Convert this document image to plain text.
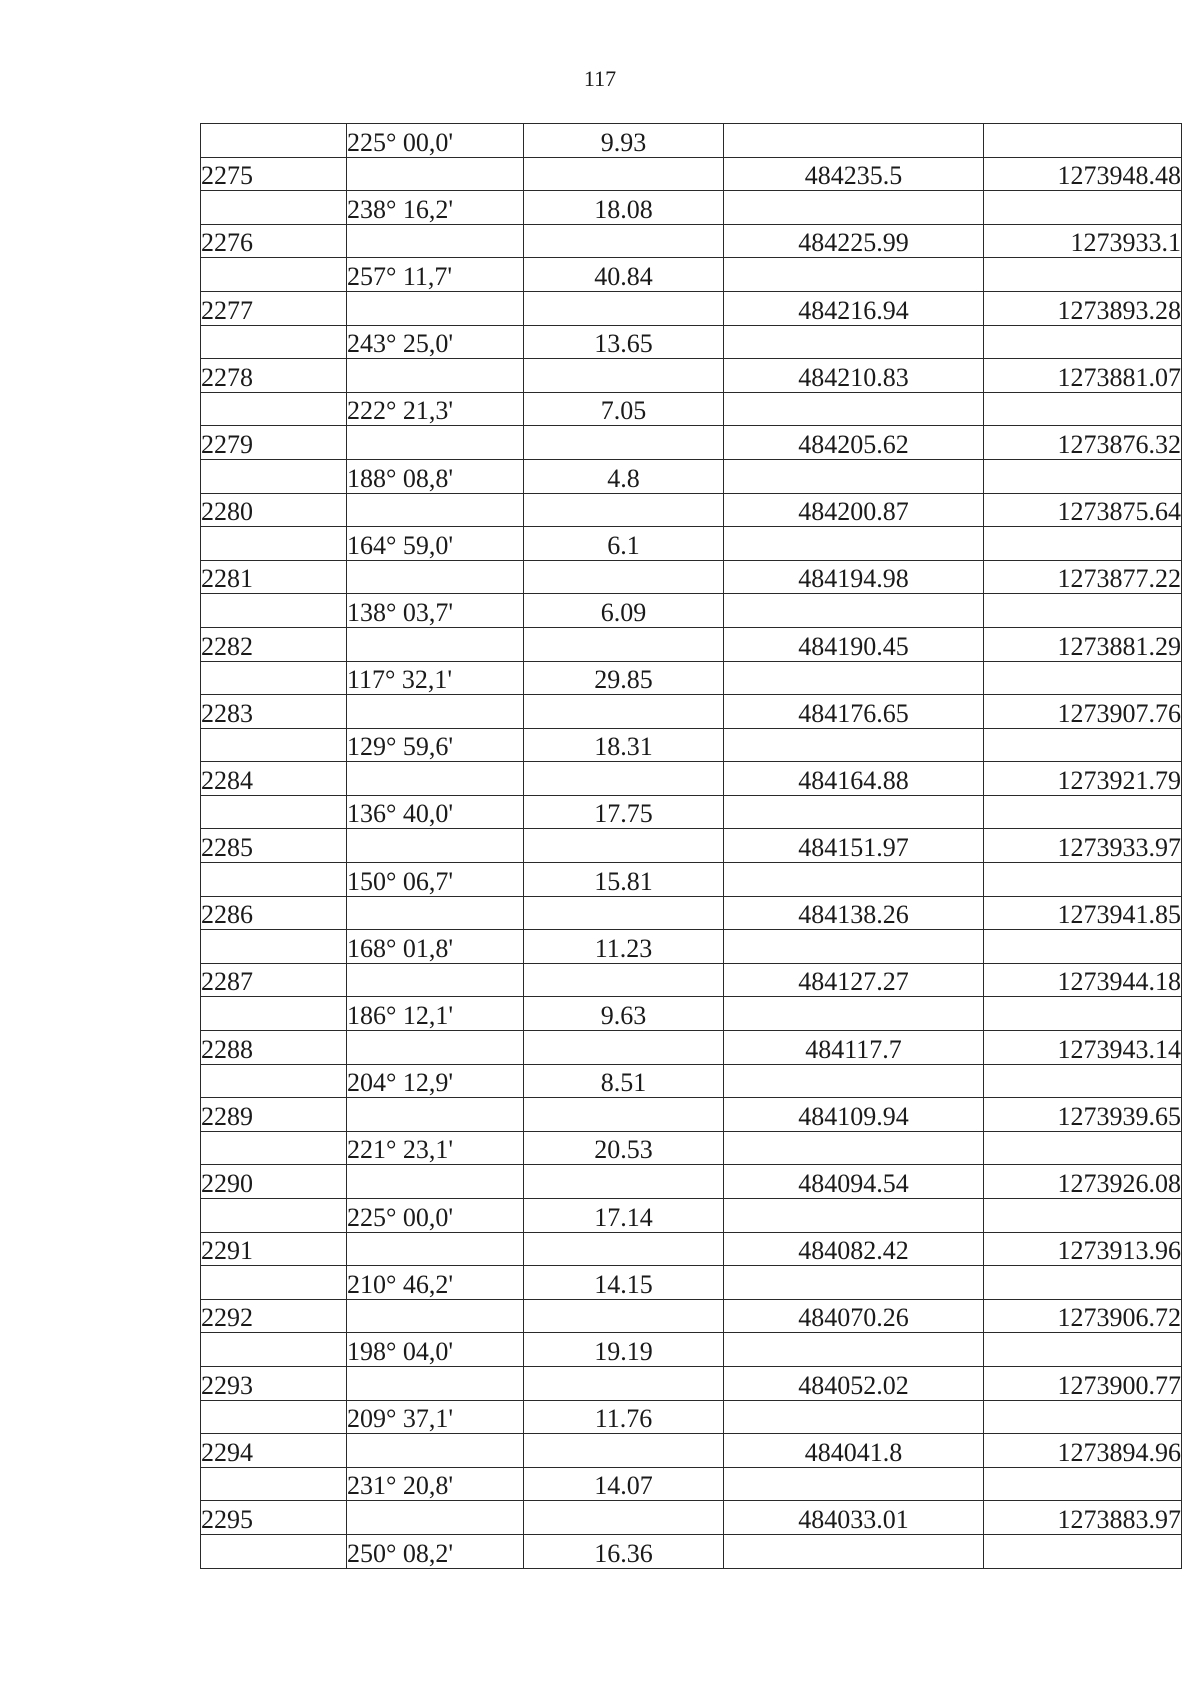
117
	225° 00,0'	9.93		
2275			484235.5	1273948.48
	238° 16,2'	18.08		
2276			484225.99	1273933.1
	257° 11,7'	40.84		
2277			484216.94	1273893.28
	243° 25,0'	13.65		
2278			484210.83	1273881.07
	222° 21,3'	7.05		
2279			484205.62	1273876.32
	188° 08,8'	4.8		
2280			484200.87	1273875.64
	164° 59,0'	6.1		
2281			484194.98	1273877.22
	138° 03,7'	6.09		
2282			484190.45	1273881.29
	117° 32,1'	29.85		
2283			484176.65	1273907.76
	129° 59,6'	18.31		
2284			484164.88	1273921.79
	136° 40,0'	17.75		
2285			484151.97	1273933.97
	150° 06,7'	15.81		
2286			484138.26	1273941.85
	168° 01,8'	11.23		
2287			484127.27	1273944.18
	186° 12,1'	9.63		
2288			484117.7	1273943.14
	204° 12,9'	8.51		
2289			484109.94	1273939.65
	221° 23,1'	20.53		
2290			484094.54	1273926.08
	225° 00,0'	17.14		
2291			484082.42	1273913.96
	210° 46,2'	14.15		
2292			484070.26	1273906.72
	198° 04,0'	19.19		
2293			484052.02	1273900.77
	209° 37,1'	11.76		
2294			484041.8	1273894.96
	231° 20,8'	14.07		
2295			484033.01	1273883.97
	250° 08,2'	16.36		
